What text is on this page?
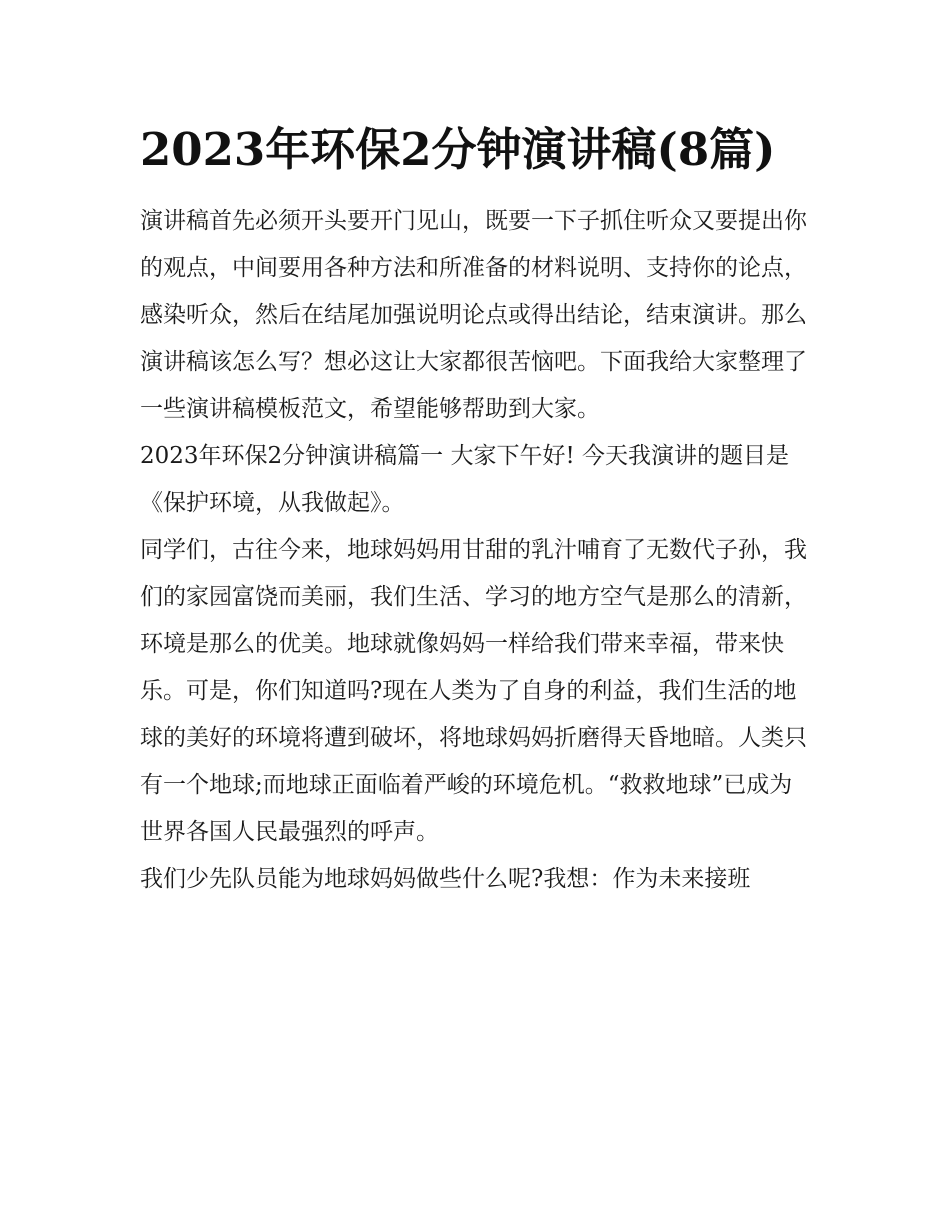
2023年环保2分钟演讲稿(8篇)

演讲稿首先必须开头要开门见山，既要一下子抓住听众又要提出你的观点，中间要用各种方法和所准备的材料说明、支持你的论点，感染听众，然后在结尾加强说明论点或得出结论，结束演讲。那么演讲稿该怎么写？想必这让大家都很苦恼吧。下面我给大家整理了一些演讲稿模板范文，希望能够帮助到大家。

2023年环保2分钟演讲稿篇一 大家下午好! 今天我演讲的题目是《保护环境，从我做起》。

同学们，古往今来，地球妈妈用甘甜的乳汁哺育了无数代子孙，我们的家园富饶而美丽，我们生活、学习的地方空气是那么的清新，环境是那么的优美。地球就像妈妈一样给我们带来幸福，带来快乐。可是，你们知道吗?现在人类为了自身的利益，我们生活的地球的美好的环境将遭到破坏，将地球妈妈折磨得天昏地暗。人类只有一个地球;而地球正面临着严峻的环境危机。“救救地球”已成为世界各国人民最强烈的呼声。

我们少先队员能为地球妈妈做些什么呢?我想：作为未来接班
